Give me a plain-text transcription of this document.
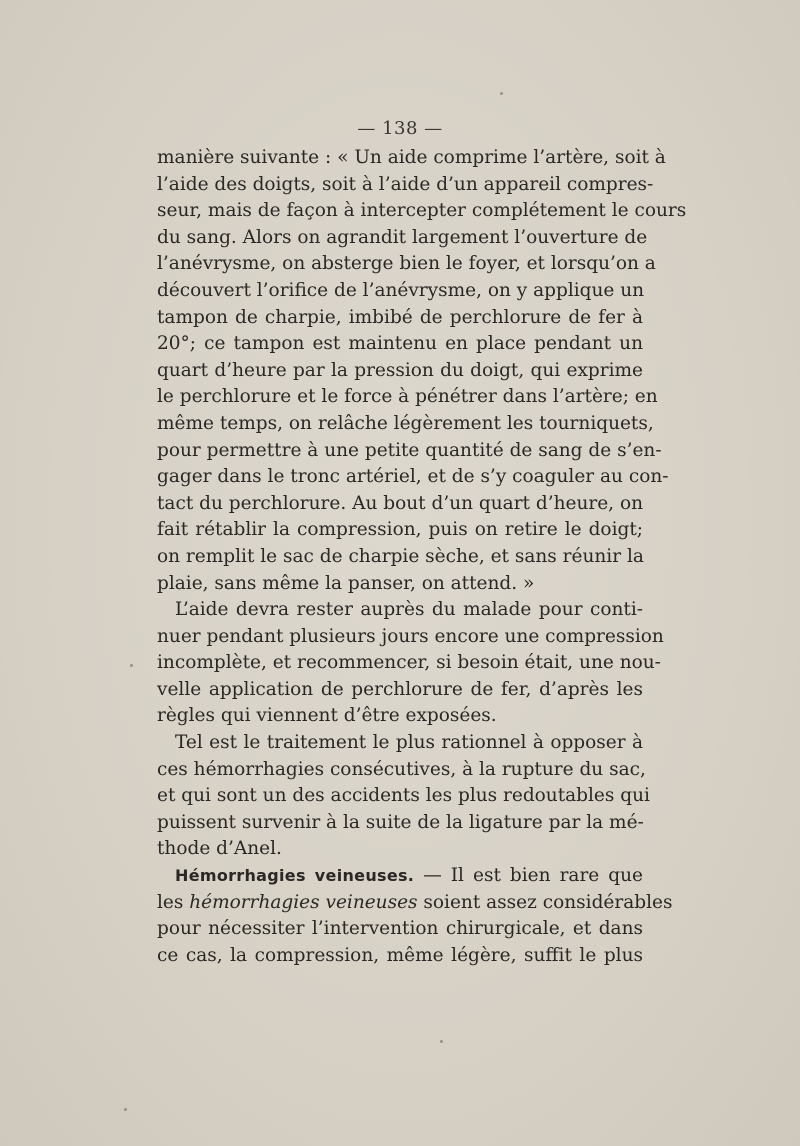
— 138 —
manière suivante : « Un aide comprime l’artère, soit à
l’aide des doigts, soit à l’aide d’un appareil compres-
seur, mais de façon à intercepter complétement le cours
du sang. Alors on agrandit largement l’ouverture de
l’anévrysme, on absterge bien le foyer, et lorsqu’on a
découvert l’orifice de l’anévrysme, on y applique un
tampon de charpie, imbibé de perchlorure de fer à
20°; ce tampon est maintenu en place pendant un
quart d’heure par la pression du doigt, qui exprime
le perchlorure et le force à pénétrer dans l’artère; en
même temps, on relâche légèrement les tourniquets,
pour permettre à une petite quantité de sang de s’en-
gager dans le tronc artériel, et de s’y coaguler au con-
tact du perchlorure. Au bout d’un quart d’heure, on
fait rétablir la compression, puis on retire le doigt;
on remplit le sac de charpie sèche, et sans réunir la
plaie, sans même la panser, on attend. »
L’aide devra rester auprès du malade pour conti-
nuer pendant plusieurs jours encore une compression
incomplète, et recommencer, si besoin était, une nou-
velle application de perchlorure de fer, d’après les
règles qui viennent d’être exposées.
Tel est le traitement le plus rationnel à opposer à
ces hémorrhagies consécutives, à la rupture du sac,
et qui sont un des accidents les plus redoutables qui
puissent survenir à la suite de la ligature par la mé-
thode d’Anel.
Hémorrhagies veineuses. — Il est bien rare que
les hémorrhagies veineuses soient assez considérables
pour nécessiter l’intervention chirurgicale, et dans
ce cas, la compression, même légère, suffit le plus
